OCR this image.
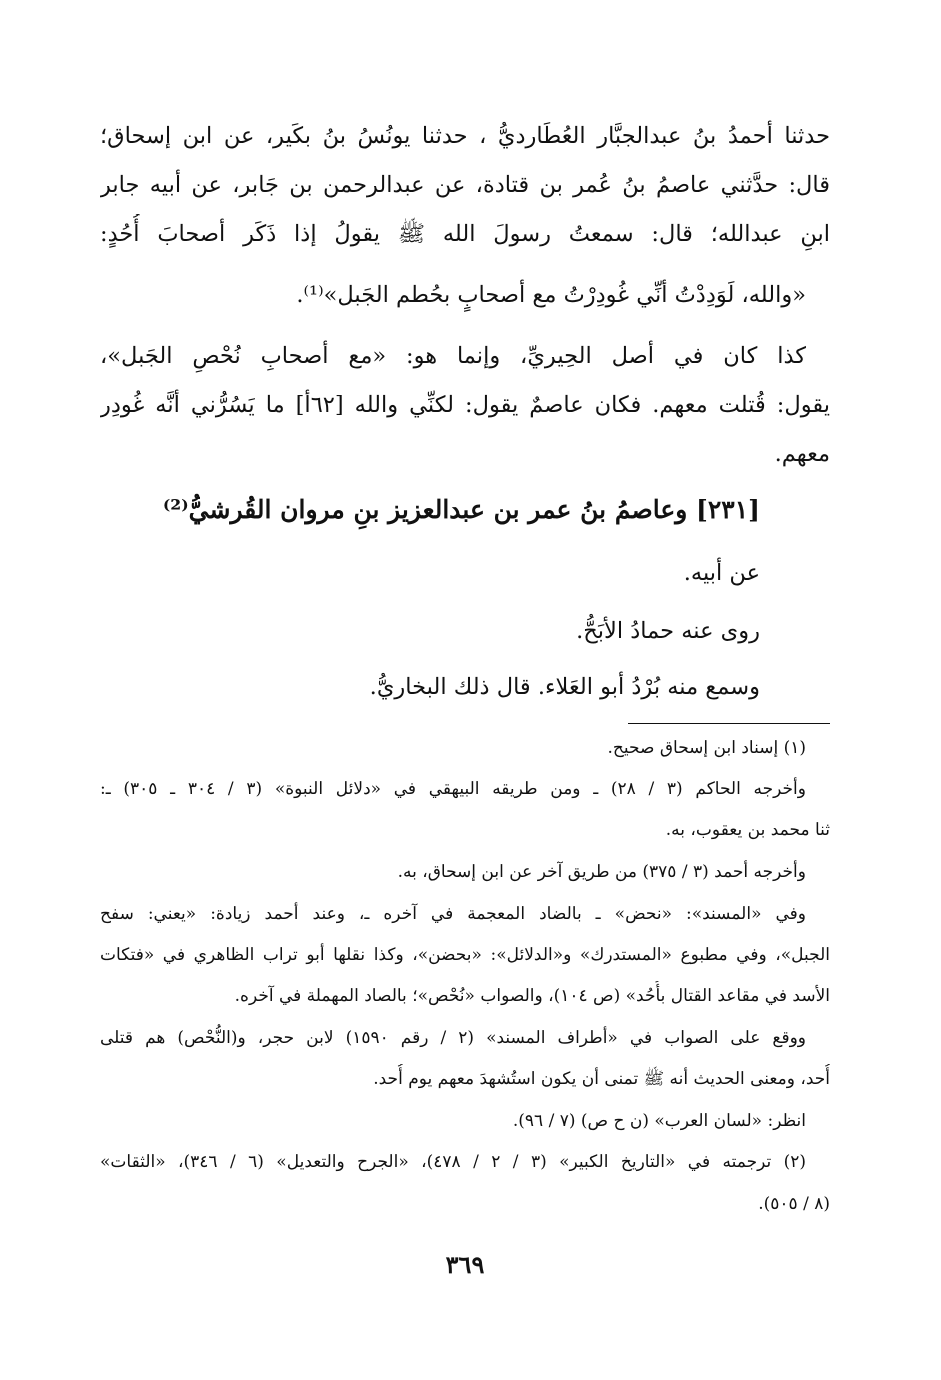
حدثنا أحمدُ بنُ عبدالجبَّار العُطَارديُّ ، حدثنا يونُسُ بنُ بكَير، عن ابن إسحاق؛
قال: حدَّثني عاصمُ بنُ عُمر بن قتادة، عن عبدالرحمن بن جَابر، عن أبيه جابر
ابنِ عبدالله؛ قال: سمعتُ رسولَ الله ﷺ يقولُ إذا ذَكَر أصحابَ أُحُدٍ:
«والله، لَوَدِدْتُ أنِّي غُودِرْتُ مع أصحابٍ بحُطم الجَبل»⁽¹⁾.
كذا كان في أصل الحِيريِّ، وإنما هو: «مع أصحابِ نُحْصِ الجَبل»،
يقول: قُتلت معهم. فكان عاصمٌ يقول: لكنِّي والله [٦٢أ] ما يَسُرُّني أنَّه غُودِر
معهم.
[٢٣١] وعاصمُ بنُ عمر بن عبدالعزيز بنِ مروان القُرشيُّ⁽²⁾
عن أبيه.
روى عنه حمادُ الأبَحُّ.
وسمع منه بُرْدُ أبو العَلاء. قال ذلك البخاريُّ.
(١) إسناد ابن إسحاق صحيح.
وأخرجه الحاكم (٣ / ٢٨) ـ ومن طريقه البيهقي في «دلائل النبوة» (٣ / ٣٠٤ ـ ٣٠٥) ـ:
ثنا محمد بن يعقوب، به.
وأخرجه أحمد (٣ / ٣٧٥) من طريق آخر عن ابن إسحاق، به.
وفي «المسند»: «نحض» ـ بالضاد المعجمة في آخره ـ، وعند أحمد زيادة: «يعني: سفح
الجبل»، وفي مطبوع «المستدرك» و«الدلائل»: «بحضن»، وكذا نقلها أبو تراب الظاهري في «فتكات
الأسد في مقاعد القتال بأُحُد» (ص ١٠٤)، والصواب «نُحْص»؛ بالصاد المهملة في آخره.
ووقع على الصواب في «أطراف المسند» (٢ / رقم ١٥٩٠) لابن حجر، و(النُّحْص) هم قتلى
أُحد، ومعنى الحديث أنه ﷺ تمنى أن يكون استُشهدَ معهم يوم أُحد.
انظر: «لسان العرب» (ن ح ص) (٧ / ٩٦).
(٢) ترجمته في «التاريخ الكبير» (٣ / ٢ / ٤٧٨)، «الجرح والتعديل» (٦ / ٣٤٦)، «الثقات»
(٨ / ٥٠٥).
٣٦٩
